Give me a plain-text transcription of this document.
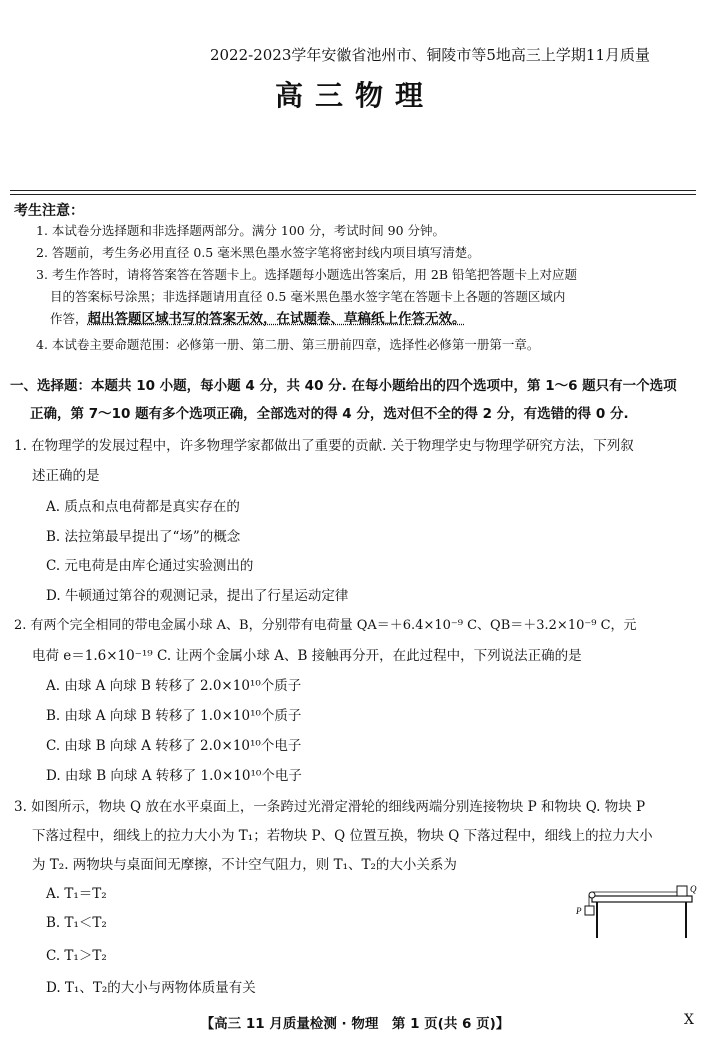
2022-2023学年安徽省池州市、铜陵市等5地高三上学期11月质量
高三物理
考生注意：
1. 本试卷分选择题和非选择题两部分。满分 100 分，考试时间 90 分钟。
2. 答题前，考生务必用直径 0.5 毫米黑色墨水签字笔将密封线内项目填写清楚。
3. 考生作答时，请将答案答在答题卡上。选择题每小题选出答案后，用 2B 铅笔把答题卡上对应题
目的答案标号涂黑；非选择题请用直径 0.5 毫米黑色墨水签字笔在答题卡上各题的答题区域内
作答，超出答题区域书写的答案无效，在试题卷、草稿纸上作答无效。
4. 本试卷主要命题范围：必修第一册、第二册、第三册前四章，选择性必修第一册第一章。
一、选择题：本题共 10 小题，每小题 4 分，共 40 分. 在每小题给出的四个选项中，第 1～6 题只有一个选项
正确，第 7～10 题有多个选项正确，全部选对的得 4 分，选对但不全的得 2 分，有选错的得 0 分.
1. 在物理学的发展过程中，许多物理学家都做出了重要的贡献. 关于物理学史与物理学研究方法，下列叙
述正确的是
A. 质点和点电荷都是真实存在的
B. 法拉第最早提出了“场”的概念
C. 元电荷是由库仑通过实验测出的
D. 牛顿通过第谷的观测记录，提出了行星运动定律
2. 有两个完全相同的带电金属小球 A、B，分别带有电荷量 QA＝＋6.4×10⁻⁹ C、QB＝＋3.2×10⁻⁹ C，元
电荷 e＝1.6×10⁻¹⁹ C. 让两个金属小球 A、B 接触再分开，在此过程中，下列说法正确的是
A. 由球 A 向球 B 转移了 2.0×10¹⁰个质子
B. 由球 A 向球 B 转移了 1.0×10¹⁰个质子
C. 由球 B 向球 A 转移了 2.0×10¹⁰个电子
D. 由球 B 向球 A 转移了 1.0×10¹⁰个电子
3. 如图所示，物块 Q 放在水平桌面上，一条跨过光滑定滑轮的细线两端分别连接物块 P 和物块 Q. 物块 P
下落过程中，细线上的拉力大小为 T₁；若物块 P、Q 位置互换，物块 Q 下落过程中，细线上的拉力大小
为 T₂. 两物块与桌面间无摩擦，不计空气阻力，则 T₁、T₂的大小关系为
A. T₁＝T₂
B. T₁＜T₂
C. T₁＞T₂
D. T₁、T₂的大小与两物体质量有关
Q
P
【高三 11 月质量检测 · 物理　第 1 页(共 6 页)】	X
